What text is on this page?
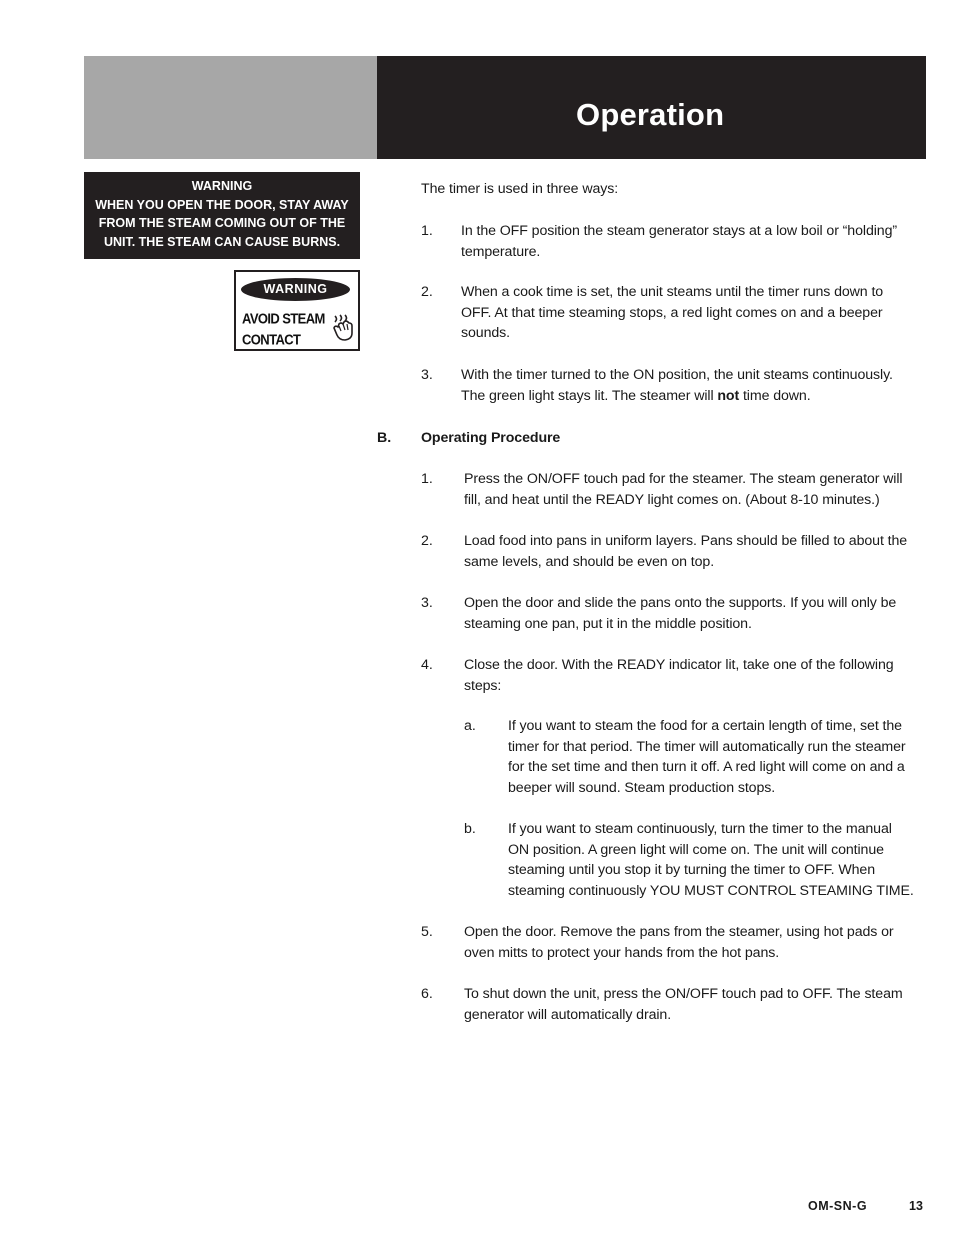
Operation
WARNING
WHEN YOU OPEN THE DOOR, STAY AWAY
FROM THE STEAM COMING OUT OF THE
UNIT. THE STEAM CAN CAUSE BURNS.
WARNING
AVOID STEAM
CONTACT
The timer is used in three ways:
1. In the OFF position the steam generator stays at a low boil or “holding”
temperature.
2. When a cook time is set, the unit steams until the timer runs down to
OFF. At that time steaming stops, a red light comes on and a beeper
sounds.
3. With the timer turned to the ON position, the unit steams continuously.
The green light stays lit. The steamer will not time down.
B. Operating Procedure
1. Press the ON/OFF touch pad for the steamer. The steam generator will
fill, and heat until the READY light comes on. (About 8-10 minutes.)
2. Load food into pans in uniform layers. Pans should be filled to about the
same levels, and should be even on top.
3. Open the door and slide the pans onto the supports. If you will only be
steaming one pan, put it in the middle position.
4. Close the door. With the READY indicator lit, take one of the following
steps:
a. If you want to steam the food for a certain length of time, set the
timer for that period. The timer will automatically run the steamer
for the set time and then turn it off. A red light will come on and a
beeper will sound. Steam production stops.
b. If you want to steam continuously, turn the timer to the manual
ON position. A green light will come on. The unit will continue
steaming until you stop it by turning the timer to OFF. When
steaming continuously YOU MUST CONTROL STEAMING TIME.
5. Open the door. Remove the pans from the steamer, using hot pads or
oven mitts to protect your hands from the hot pans.
6. To shut down the unit, press the ON/OFF touch pad to OFF. The steam
generator will automatically drain.
OM-SN-G	13
